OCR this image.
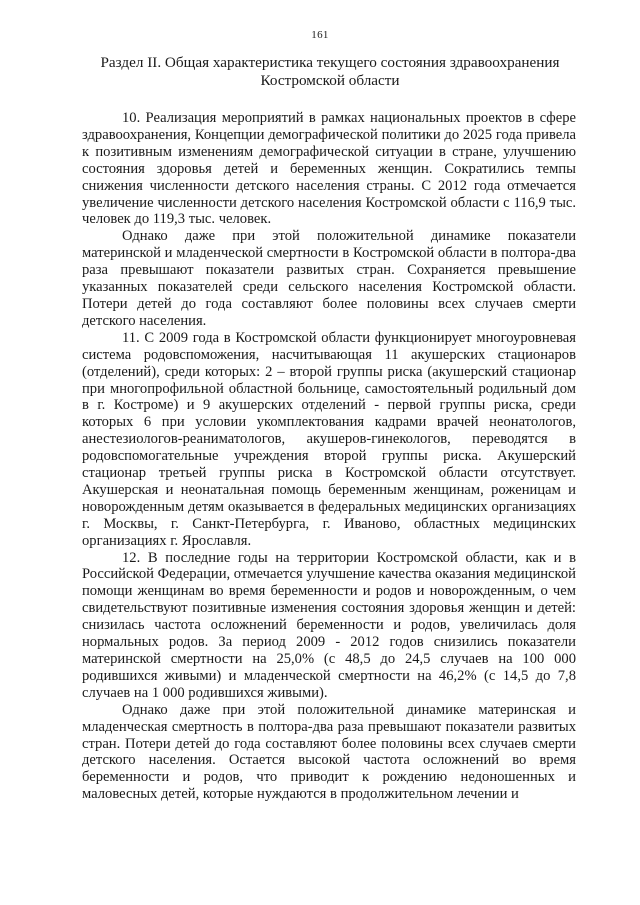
161
Раздел II. Общая характеристика текущего состояния здравоохранения Костромской области

10. Реализация мероприятий в рамках национальных проектов в сфере здравоохранения, Концепции демографической политики до 2025 года привела к позитивным изменениям демографической ситуации в стране, улучшению состояния здоровья детей и беременных женщин. Сократились темпы снижения численности детского населения страны. С 2012 года отмечается увеличение численности детского населения Костромской области с 116,9 тыс. человек до 119,3 тыс. человек.

Однако даже при этой положительной динамике показатели материнской и младенческой смертности в Костромской области в полтора-два раза превышают показатели развитых стран. Сохраняется превышение указанных показателей среди сельского населения Костромской области. Потери детей до года составляют более половины всех случаев смерти детского населения.

11. С 2009 года в Костромской области функционирует многоуровневая система родовспоможения, насчитывающая 11 акушерских стационаров (отделений), среди которых: 2 – второй группы риска (акушерский стационар при многопрофильной областной больнице, самостоятельный родильный дом в г. Костроме) и 9 акушерских отделений - первой группы риска, среди которых 6 при условии укомплектования кадрами врачей неонатологов, анестезиологов-реаниматологов, акушеров-гинекологов, переводятся в родовспомогательные учреждения второй группы риска. Акушерский стационар третьей группы риска в Костромской области отсутствует. Акушерская и неонатальная помощь беременным женщинам, роженицам и новорожденным детям оказывается в федеральных медицинских организациях г. Москвы, г. Санкт-Петербурга, г. Иваново, областных медицинских организациях г. Ярославля.

12. В последние годы на территории Костромской области, как и в Российской Федерации, отмечается улучшение качества оказания медицинской помощи женщинам во время беременности и родов и новорожденным, о чем свидетельствуют позитивные изменения состояния здоровья женщин и детей: снизилась частота осложнений беременности и родов, увеличилась доля нормальных родов. За период 2009 - 2012 годов снизились показатели материнской смертности на 25,0% (с 48,5 до 24,5 случаев на 100 000 родившихся живыми) и младенческой смертности на 46,2% (с 14,5 до 7,8 случаев на 1 000 родившихся живыми).

Однако даже при этой положительной динамике материнская и младенческая смертность в полтора-два раза превышают показатели развитых стран. Потери детей до года составляют более половины всех случаев смерти детского населения. Остается высокой частота осложнений во время беременности и родов, что приводит к рождению недоношенных и маловесных детей, которые нуждаются в продолжительном лечении и
